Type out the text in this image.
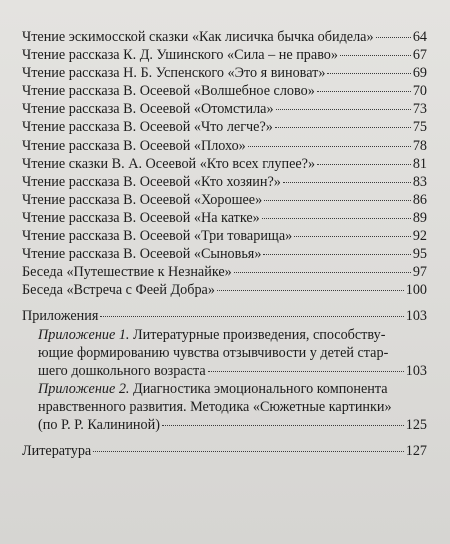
Чтение эскимосской сказки «Как лисичка бычка обидела»	64
Чтение рассказа К. Д. Ушинского «Сила – не право»	67
Чтение рассказа Н. Б. Успенского «Это я виноват»	69
Чтение рассказа В. Осеевой «Волшебное слово»	70
Чтение рассказа В. Осеевой «Отомстила»	73
Чтение рассказа В. Осеевой «Что легче?»	75
Чтение рассказа В. Осеевой «Плохо»	78
Чтение сказки В. А. Осеевой «Кто всех глупее?»	81
Чтение рассказа В. Осеевой «Кто хозяин?»	83
Чтение рассказа В. Осеевой «Хорошее»	86
Чтение рассказа В. Осеевой «На катке»	89
Чтение рассказа В. Осеевой «Три товарища»	92
Чтение рассказа В. Осеевой «Сыновья»	95
Беседа «Путешествие к Незнайке»	97
Беседа «Встреча с Феей Добра»	100
Приложения	103
Приложение 1. Литературные произведения, способству-
ющие формированию чувства отзывчивости у детей стар-
шего дошкольного возраста	103
Приложение 2. Диагностика эмоционального компонента
нравственного развития. Методика «Сюжетные картинки»
(по Р. Р. Калининой)	125
Литература	127
